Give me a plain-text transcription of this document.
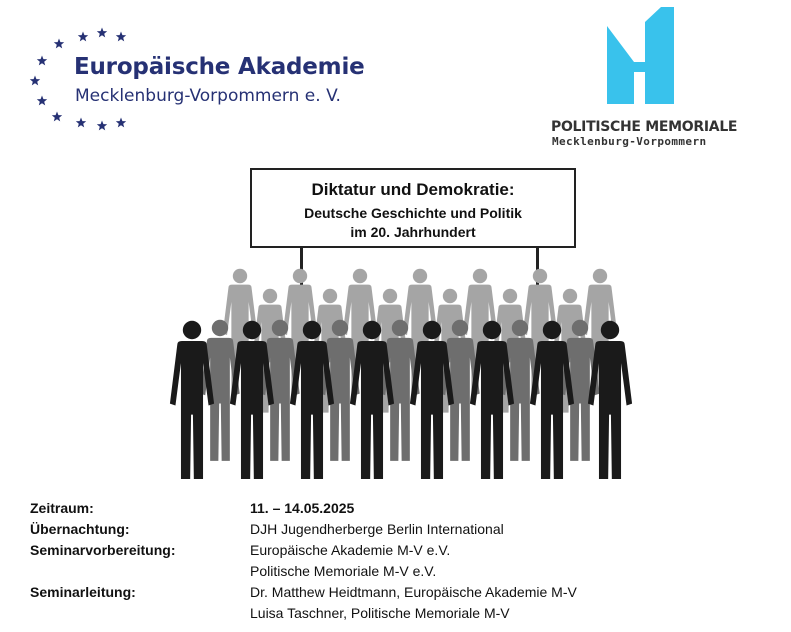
Europäische Akademie
Mecklenburg-Vorpommern e. V.
POLITISCHE MEMORIALE
Mecklenburg-Vorpommern
Diktatur und Demokratie:
Deutsche Geschichte und Politik
im 20. Jahrhundert
Zeitraum:	11. – 14.05.2025
Übernachtung:	DJH Jugendherberge Berlin International
Seminarvorbereitung:	Europäische Akademie M-V e.V.
Politische Memoriale M-V e.V.
Seminarleitung:	Dr. Matthew Heidtmann, Europäische Akademie M-V
Luisa Taschner, Politische Memoriale M-V
